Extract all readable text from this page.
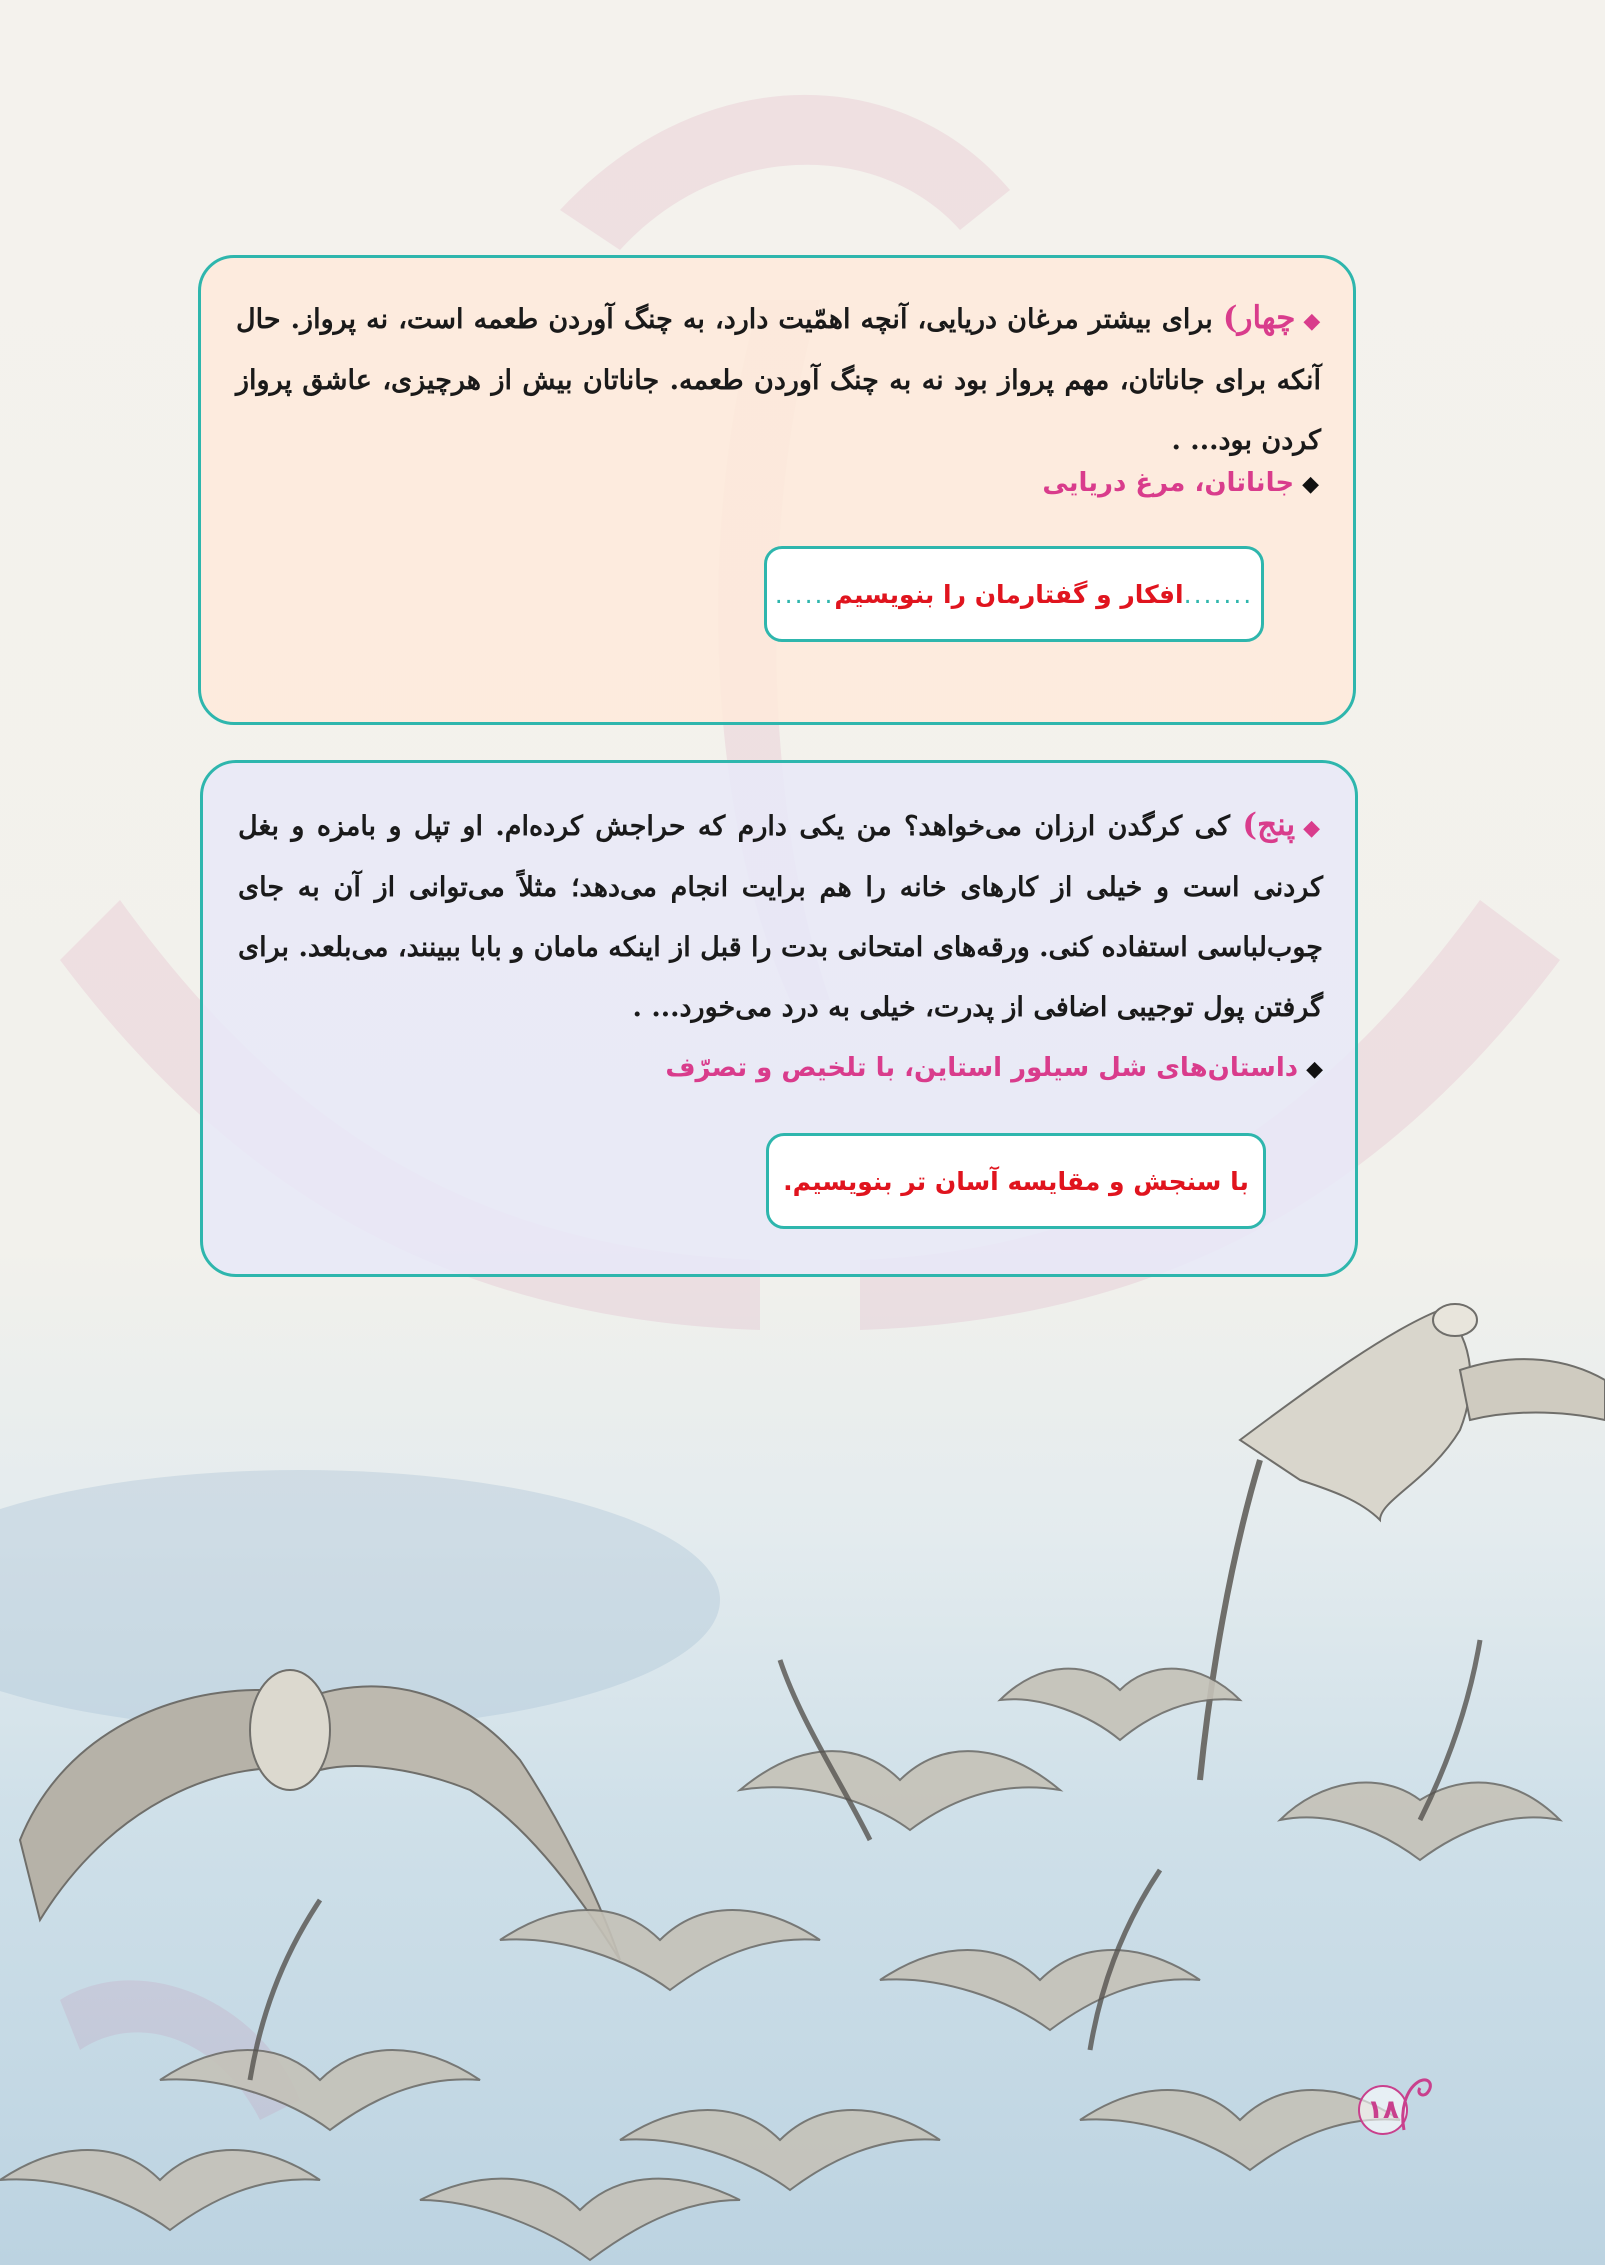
◆چهار) برای بیشتر مرغان دریایی، آنچه اهمّیت دارد، به چنگ آوردن طعمه است، نه پرواز. حال آنکه برای جاناتان، مهم پرواز بود نه به چنگ آوردن طعمه. جاناتان بیش از هرچیزی، عاشق پرواز کردن بود... .
◆جاناتان، مرغ دریایی
.......
افکار و گفتارمان را بنویسیم
......
◆پنج) کی کرگدن ارزان می‌خواهد؟ من یکی دارم که حراجش کرده‌ام. او تپل و بامزه و بغل کردنی است و خیلی از کارهای خانه را هم برایت انجام می‌دهد؛ مثلاً می‌توانی از آن به جای چوب‌لباسی استفاده کنی. ورقه‌های امتحانی بدت را قبل از اینکه مامان و بابا ببینند، می‌بلعد. برای گرفتن پول توجیبی اضافی از پدرت، خیلی به درد می‌خورد... .
◆داستان‌های شل سیلور استاین، با تلخیص و تصرّف
با سنجش و مقایسه آسان تر بنویسیم.
۱۸
